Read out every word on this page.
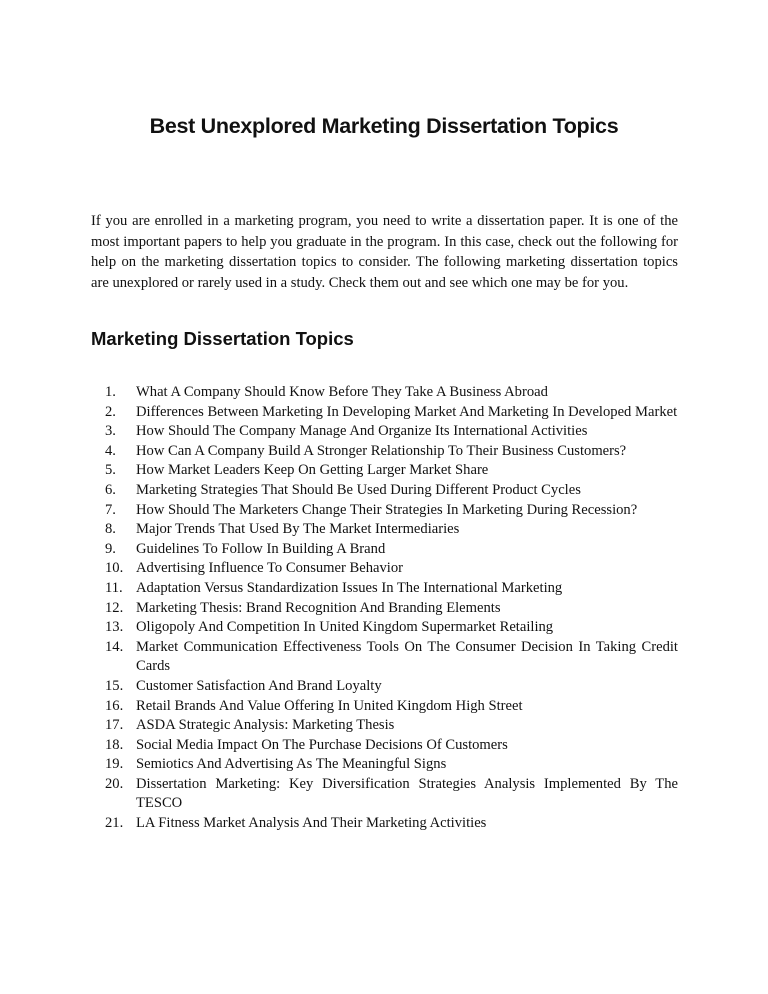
Best Unexplored Marketing Dissertation Topics

If you are enrolled in a marketing program, you need to write a dissertation paper. It is one of the most important papers to help you graduate in the program. In this case, check out the following for help on the marketing dissertation topics to consider. The following marketing dissertation topics are unexplored or rarely used in a study. Check them out and see which one may be for you.

Marketing Dissertation Topics
1.	What A Company Should Know Before They Take A Business Abroad
2.	Differences Between Marketing In Developing Market And Marketing In Developed Market
3.	How Should The Company Manage And Organize Its International Activities
4.	How Can A Company Build A Stronger Relationship To Their Business Customers?
5.	How Market Leaders Keep On Getting Larger Market Share
6.	Marketing Strategies That Should Be Used During Different Product Cycles
7.	How Should The Marketers Change Their Strategies In Marketing During Recession?
8.	Major Trends That Used By The Market Intermediaries
9.	Guidelines To Follow In Building A Brand
10. Advertising Influence To Consumer Behavior
11. Adaptation Versus Standardization Issues In The International Marketing
12. Marketing Thesis: Brand Recognition And Branding Elements
13. Oligopoly And Competition In United Kingdom Supermarket Retailing
14. Market Communication Effectiveness Tools On The Consumer Decision In Taking Credit Cards
15. Customer Satisfaction And Brand Loyalty
16. Retail Brands And Value Offering In United Kingdom High Street
17. ASDA Strategic Analysis: Marketing Thesis
18. Social Media Impact On The Purchase Decisions Of Customers
19. Semiotics And Advertising As The Meaningful Signs
20. Dissertation Marketing: Key Diversification Strategies Analysis Implemented By The TESCO
21. LA Fitness Market Analysis And Their Marketing Activities
